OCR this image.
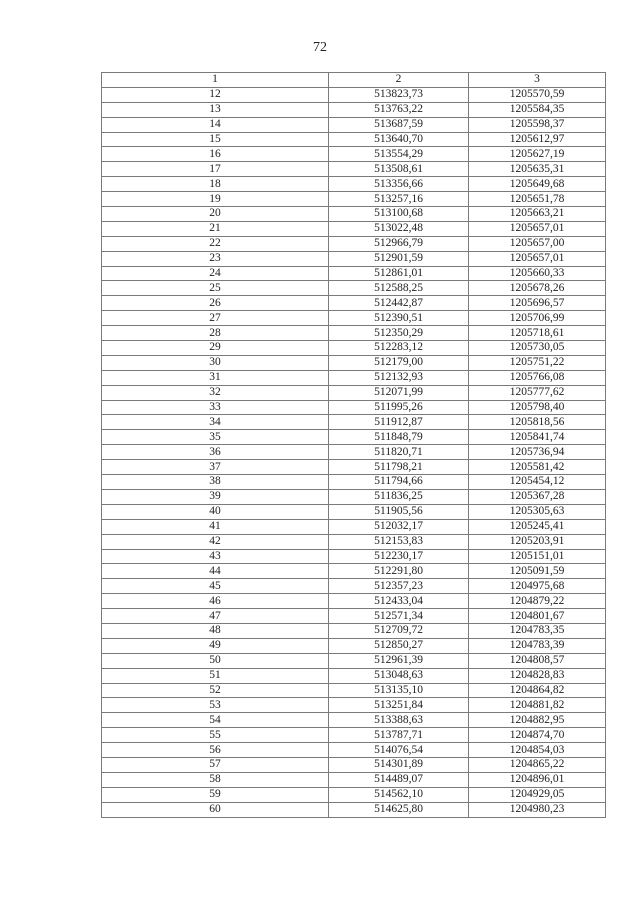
72
1	2	3
12	513823,73	1205570,59
13	513763,22	1205584,35
14	513687,59	1205598,37
15	513640,70	1205612,97
16	513554,29	1205627,19
17	513508,61	1205635,31
18	513356,66	1205649,68
19	513257,16	1205651,78
20	513100,68	1205663,21
21	513022,48	1205657,01
22	512966,79	1205657,00
23	512901,59	1205657,01
24	512861,01	1205660,33
25	512588,25	1205678,26
26	512442,87	1205696,57
27	512390,51	1205706,99
28	512350,29	1205718,61
29	512283,12	1205730,05
30	512179,00	1205751,22
31	512132,93	1205766,08
32	512071,99	1205777,62
33	511995,26	1205798,40
34	511912,87	1205818,56
35	511848,79	1205841,74
36	511820,71	1205736,94
37	511798,21	1205581,42
38	511794,66	1205454,12
39	511836,25	1205367,28
40	511905,56	1205305,63
41	512032,17	1205245,41
42	512153,83	1205203,91
43	512230,17	1205151,01
44	512291,80	1205091,59
45	512357,23	1204975,68
46	512433,04	1204879,22
47	512571,34	1204801,67
48	512709,72	1204783,35
49	512850,27	1204783,39
50	512961,39	1204808,57
51	513048,63	1204828,83
52	513135,10	1204864,82
53	513251,84	1204881,82
54	513388,63	1204882,95
55	513787,71	1204874,70
56	514076,54	1204854,03
57	514301,89	1204865,22
58	514489,07	1204896,01
59	514562,10	1204929,05
60	514625,80	1204980,23
